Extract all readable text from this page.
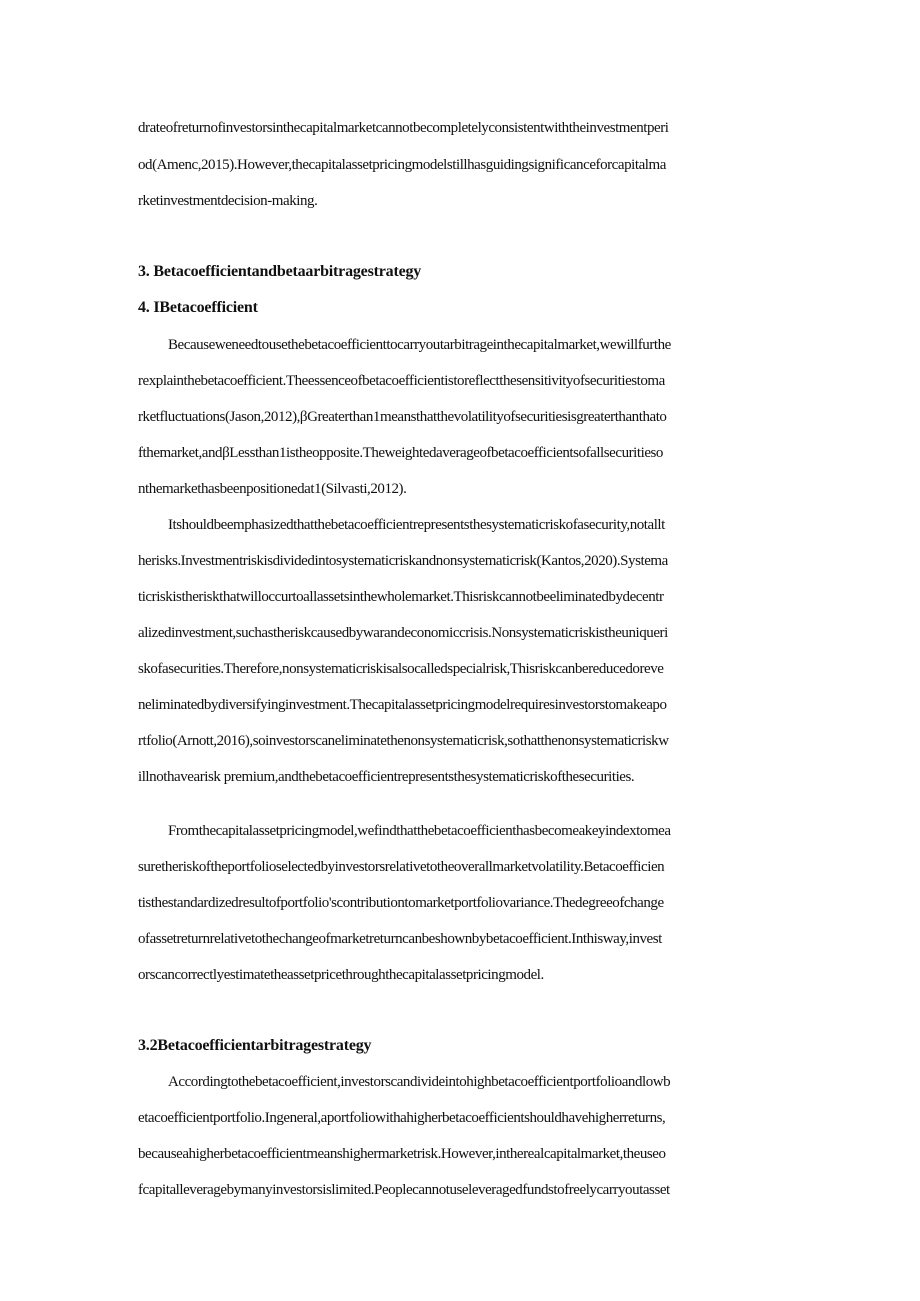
drateofreturnofinvestorsinthecapitalmarketcannotbecompletelyconsistentwiththeinvestmentperi
od(Amenc,2015).However,thecapitalassetpricingmodelstillhasguidingsignificanceforcapitalma
rketinvestmentdecision-making.
3. Betacoefficientandbetaarbitragestrategy
4. IBetacoefficient
Becauseweneedtousethebetacoefficienttocarryoutarbitrageinthecapitalmarket,wewillfurthe
rexplainthebetacoefficient.Theessenceofbetacoefficientistoreflectthesensitivityofsecuritiestoma
rketfluctuations(Jason,2012),βGreaterthan1meansthatthevolatilityofsecuritiesisgreaterthanthato
fthemarket,andβLessthan1istheopposite.Theweightedaverageofbetacoefficientsofallsecuritieso
nthemarkethasbeenpositionedat1(Silvasti,2012).
Itshouldbeemphasizedthatthebetacoefficientrepresentsthesystematicriskofasecurity,notallt
herisks.Investmentriskisdividedintosystematicriskandnonsystematicrisk(Kantos,2020).Systema
ticriskistheriskthatwilloccurtoallassetsinthewholemarket.Thisriskcannotbeeliminatedbydecentr
alizedinvestment,suchastheriskcausedbywarandeconomiccrisis.Nonsystematicriskistheuniqueri
skofasecurities.Therefore,nonsystematicriskisalsocalledspecialrisk,Thisriskcanbereducedoreve
neliminatedbydiversifyinginvestment.Thecapitalassetpricingmodelrequiresinvestorstomakeapo
rtfolio(Arnott,2016),soinvestorscaneliminatethenonsystematicrisk,sothatthenonsystematicriskw
illnothavearisk premium,andthebetacoefficientrepresentsthesystematicriskofthesecurities.
Fromthecapitalassetpricingmodel,wefindthatthebetacoefficienthasbecomeakeyindextomea
suretheriskoftheportfolioselectedbyinvestorsrelativetotheoverallmarketvolatility.Betacoefficien
tisthestandardizedresultofportfolio'scontributiontomarketportfoliovariance.Thedegreeofchange
ofassetreturnrelativetothechangeofmarketreturncanbeshownbybetacoefficient.Inthisway,invest
orscancorrectlyestimatetheassetpricethroughthecapitalassetpricingmodel.
3.2Betacoefficientarbitragestrategy
Accordingtothebetacoefficient,investorscandivideintohighbetacoefficientportfolioandlowb
etacoefficientportfolio.Ingeneral,aportfoliowithahigherbetacoefficientshouldhavehigherreturns,
becauseahigherbetacoefficientmeanshighermarketrisk.However,intherealcapitalmarket,theuseo
fcapitalleveragebymanyinvestorsislimited.Peoplecannotuseleveragedfundstofreelycarryoutasset
